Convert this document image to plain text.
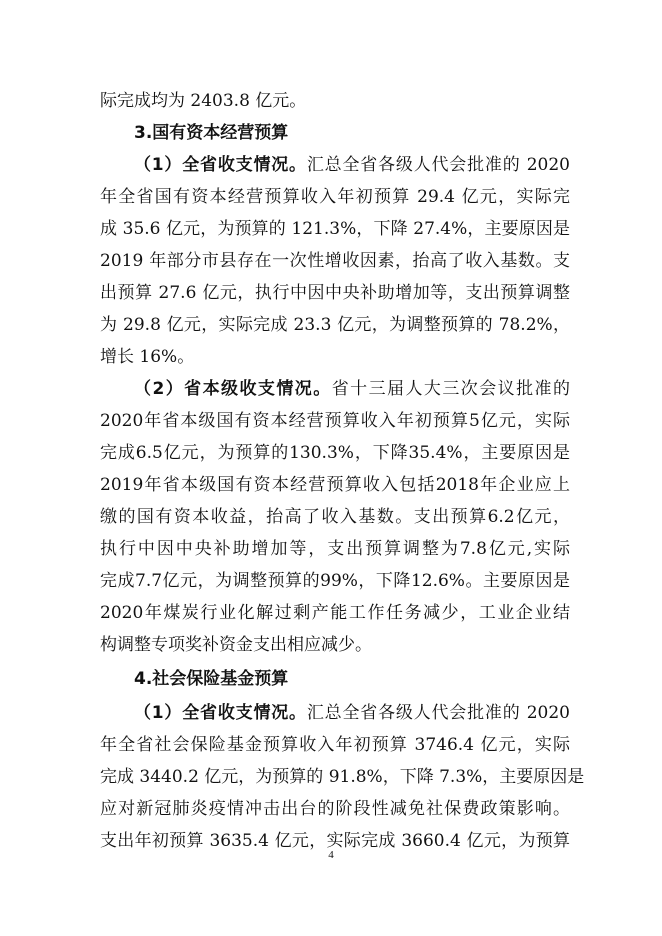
际完成均为 2403.8 亿元。
3.国有资本经营预算
（1）全省收支情况。汇总全省各级人代会批准的 2020
年全省国有资本经营预算收入年初预算 29.4 亿元，实际完
成 35.6 亿元，为预算的 121.3%，下降 27.4%，主要原因是
2019 年部分市县存在一次性增收因素，抬高了收入基数。支
出预算 27.6 亿元，执行中因中央补助增加等，支出预算调整
为 29.8 亿元，实际完成 23.3 亿元，为调整预算的 78.2%，
增长 16%。
（2）省本级收支情况。省十三届人大三次会议批准的
2020年省本级国有资本经营预算收入年初预算5亿元，实际
完成6.5亿元，为预算的130.3%，下降35.4%，主要原因是
2019年省本级国有资本经营预算收入包括2018年企业应上
缴的国有资本收益，抬高了收入基数。支出预算6.2亿元，
执行中因中央补助增加等，支出预算调整为7.8亿元,实际
完成7.7亿元，为调整预算的99%，下降12.6%。主要原因是
2020年煤炭行业化解过剩产能工作任务减少，工业企业结
构调整专项奖补资金支出相应减少。
4.社会保险基金预算
（1）全省收支情况。汇总全省各级人代会批准的 2020
年全省社会保险基金预算收入年初预算 3746.4 亿元，实际
完成 3440.2 亿元，为预算的 91.8%，下降 7.3%，主要原因是
应对新冠肺炎疫情冲击出台的阶段性减免社保费政策影响。
支出年初预算 3635.4 亿元，实际完成 3660.4 亿元，为预算
4
